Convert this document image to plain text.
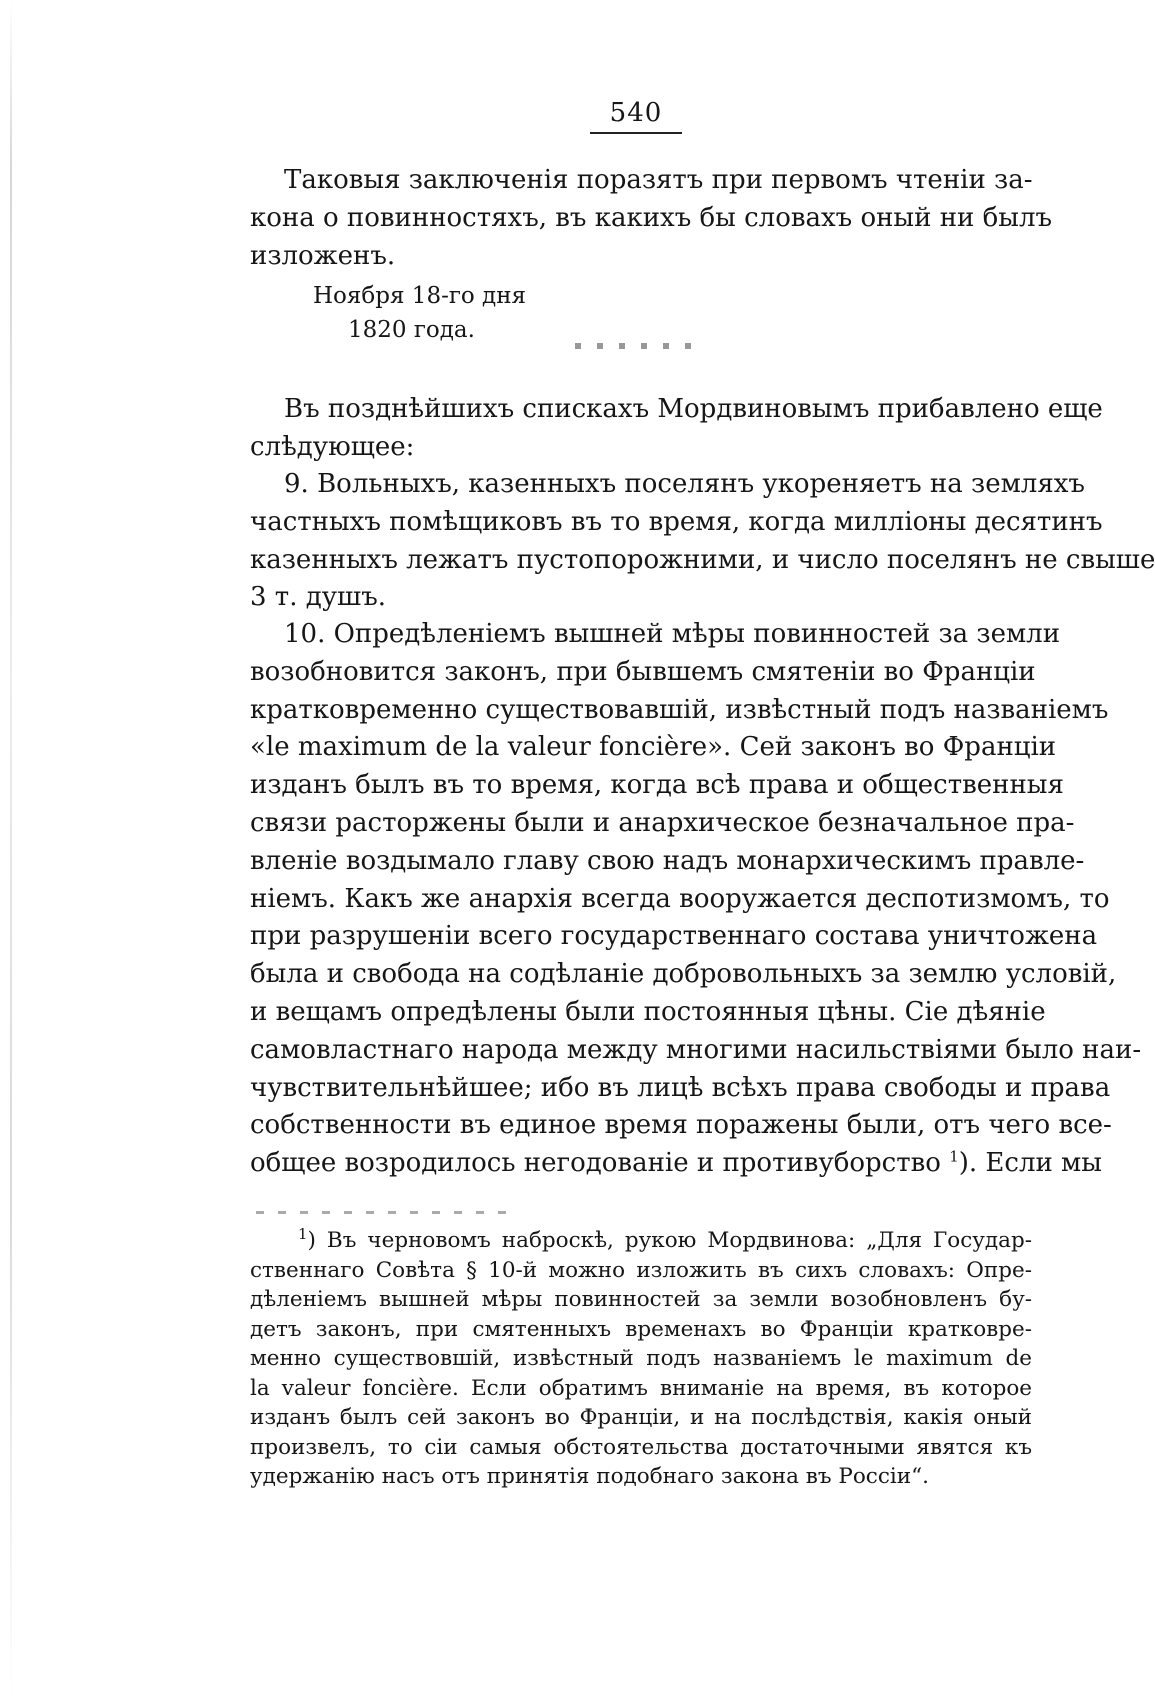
540
Таковыя заключенія поразятъ при первомъ чтеніи за-
кона о повинностяхъ, въ какихъ бы словахъ оный ни былъ
изложенъ.
Ноября 18-го дня
1820 года.
Въ позднѣйшихъ спискахъ Мордвиновымъ прибавлено еще
слѣдующее:
9. Вольныхъ, казенныхъ поселянъ укореняетъ на земляхъ
частныхъ помѣщиковъ въ то время, когда милліоны десятинъ
казенныхъ лежатъ пустопорожними, и число поселянъ не свыше
3 т. душъ.
10. Опредѣленіемъ вышней мѣры повинностей за земли
возобновится законъ, при бывшемъ смятеніи во Франціи
кратковременно существовавшій, извѣстный подъ названіемъ
«le maximum de la valeur foncière». Сей законъ во Франціи
изданъ былъ въ то время, когда всѣ права и общественныя
связи расторжены были и анархическое безначальное пра-
вленіе воздымало главу свою надъ монархическимъ правле-
ніемъ. Какъ же анархія всегда вооружается деспотизмомъ, то
при разрушеніи всего государственнаго состава уничтожена
была и свобода на содѣланіе добровольныхъ за землю условій,
и вещамъ опредѣлены были постоянныя цѣны. Сіе дѣяніе
самовластнаго народа между многими насильствіями было наи-
чувствительнѣйшее; ибо въ лицѣ всѣхъ права свободы и права
собственности въ единое время поражены были, отъ чего все-
общее возродилось негодованіе и противуборство $^1$). Если мы
$^1$) Въ черновомъ наброскѣ, рукою Мордвинова: „Для Государ-
ственнаго Совѣта § 10-й можно изложить въ сихъ словахъ: Опре-
дѣленіемъ вышней мѣры повинностей за земли возобновленъ бу-
детъ законъ, при смятенныхъ временахъ во Франціи кратковре-
менно существовшій, извѣстный подъ названіемъ le maximum de
la valeur foncière. Если обратимъ вниманіе на время, въ которое
изданъ былъ сей законъ во Франціи, и на послѣдствія, какія оный
произвелъ, то сіи самыя обстоятельства достаточными явятся къ
удержанію насъ отъ принятія подобнаго закона въ Россіи“.
